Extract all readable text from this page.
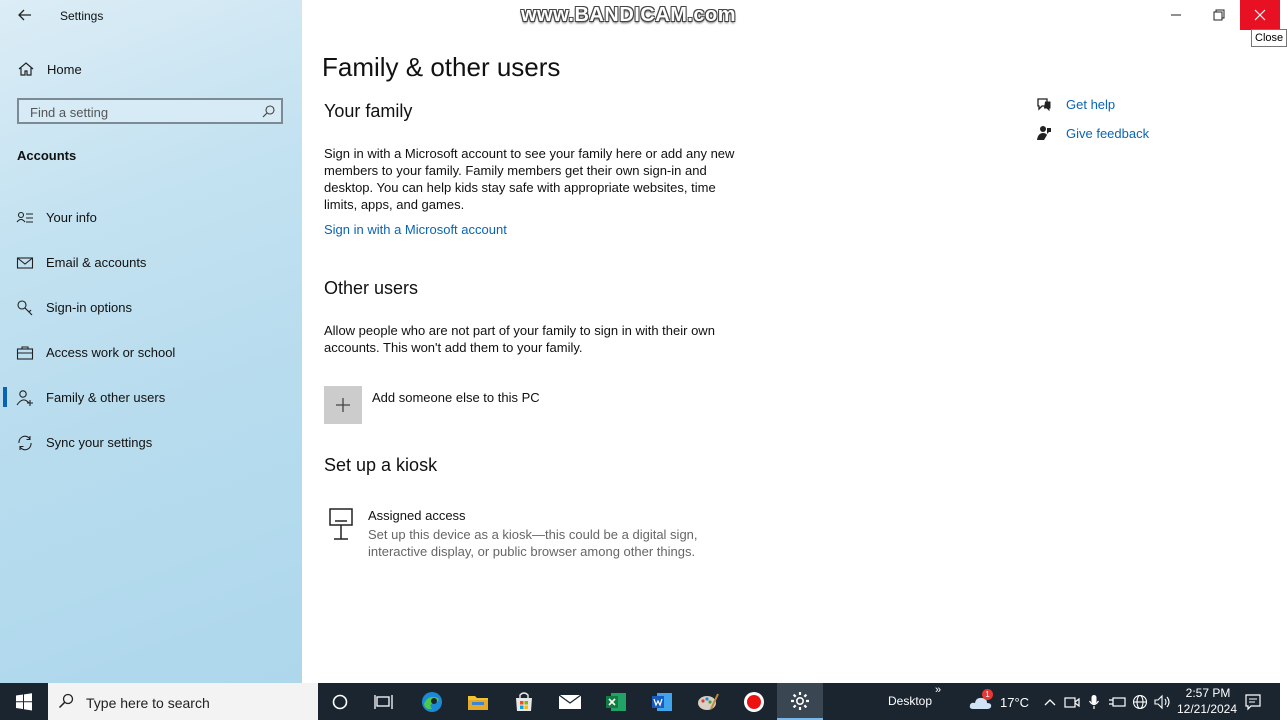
Settings
Home
Find a setting
Accounts
Your info
Email & accounts
Sign-in options
Access work or school
Family & other users
Sync your settings
www.BANDICAM.com
Close
Family & other users
Your family
Sign in with a Microsoft account to see your family here or add any new
members to your family. Family members get their own sign-in and
desktop. You can help kids stay safe with appropriate websites, time
limits, apps, and games.
Sign in with a Microsoft account
Other users
Allow people who are not part of your family to sign in with their own
accounts. This won't add them to your family.
Add someone else to this PC
Set up a kiosk
Assigned access
Set up this device as a kiosk—this could be a digital sign,
interactive display, or public browser among other things.
Get help
Give feedback
Type here to search
Desktop
»	1
17°C
2:57 PM
12/21/2024
